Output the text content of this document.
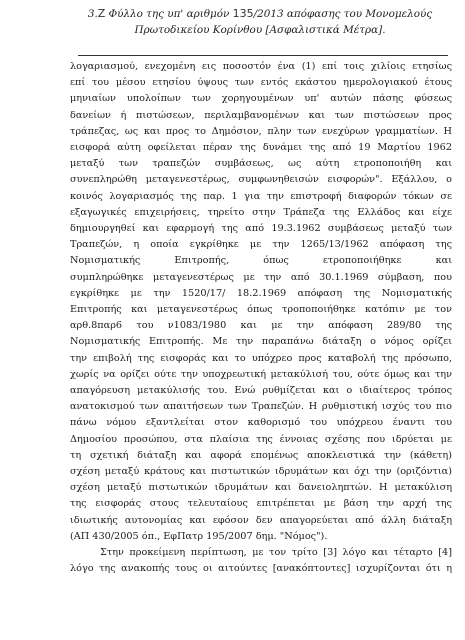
3.Ζ Φύλλο της υπ' αριθμόν 135/2013 απόφασης του Μονομελούς
Πρωτοδικείου Κορίνθου [Ασφαλιστικά Μέτρα].
λογαριασμού, ενεχομένη εις ποσοστόν ένα (1) επί τοις χιλίοις ετησίως
επί του μέσου ετησίου ύψους των εντός εκάστου ημερολογιακού έτους
μηνιαίων υπολοίπων των χορηγουμένων υπ' αυτών πάσης φύσεως
δανείων ή πιστώσεων, περιλαμβανομένων και των πιστώσεων προς
τράπεζας, ως και προς το Δημόσιον, πλην των ενεχύρων γραμματίων. Η
εισφορά αύτη οφείλεται πέραν της δυνάμει της από 19 Μαρτίου 1962
μεταξύ των τραπεζών συμβάσεως, ως αύτη ετροποποιήθη και
συνεπληρώθη μεταγενεστέρως, συμφωνηθεισών εισφορών". Εξάλλου, ο
κοινός λογαριασμός της παρ. 1 για την επιστροφή διαφορών τόκων σε
εξαγωγικές επιχειρήσεις, τηρείτο στην Τράπεζα της Ελλάδος και είχε
δημιουργηθεί και εφαρμογή της από 19.3.1962 συμβάσεως μεταξύ των
Τραπεζών, η οποία εγκρίθηκε με την 1265/13/1962 απόφαση της
Νομισματικής Επιτροπής, όπως ετροποποιήθηκε και
συμπληρώθηκε μεταγενεστέρως με την από 30.1.1969 σύμβαση, που
εγκρίθηκε με την 1520/17/ 18.2.1969 απόφαση της Νομισματικής
Επιτροπής και μεταγενεστέρως όπως τροποποιήθηκε κατόπιν με τον
αρθ.8παρ6 του ν1083/1980 και με την απόφαση 289/80 της
Νομισματικής Επιτροπής. Με την παραπάνω διάταξη ο νόμος ορίζει
την επιβολή της εισφοράς και το υπόχρεο προς καταβολή της πρόσωπο,
χωρίς να ορίζει ούτε την υποχρεωτική μετακύλισή του, ούτε όμως και την
απαγόρευση μετακύλισής του. Ενώ ρυθμίζεται και ο ιδιαίτερος τρόπος
ανατοκισμού των απαιτήσεων των Τραπεζών. Η ρυθμιστική ισχύς του πιο
πάνω νόμου εξαντλείται στον καθορισμό του υπόχρεου έναντι του
Δημοσίου προσώπου, στα πλαίσια της έννοιας σχέσης που ιδρύεται με
τη σχετική διάταξη και αφορά επομένως αποκλειστικά την (κάθετη)
σχέση μεταξύ κράτους και πιστωτικών ιδρυμάτων και όχι την (οριζόντια)
σχέση μεταξύ πιστωτικών ιδρυμάτων και δανειοληπτών. Η μετακύλιση
της εισφοράς στους τελευταίους επιτρέπεται με βάση την αρχή της
ιδιωτικής αυτονομίας και εφόσον δεν απαγορεύεται από άλλη διάταξη
(ΑΠ 430/2005 όπ., ΕφΠατρ 195/2007 δημ. "Νόμος").
Στην προκείμενη περίπτωση, με τον τρίτο [3] λόγο και τέταρτο [4]
λόγο της ανακοπής τους οι αιτούντες [ανακόπτοντες] ισχυρίζονται ότι η
